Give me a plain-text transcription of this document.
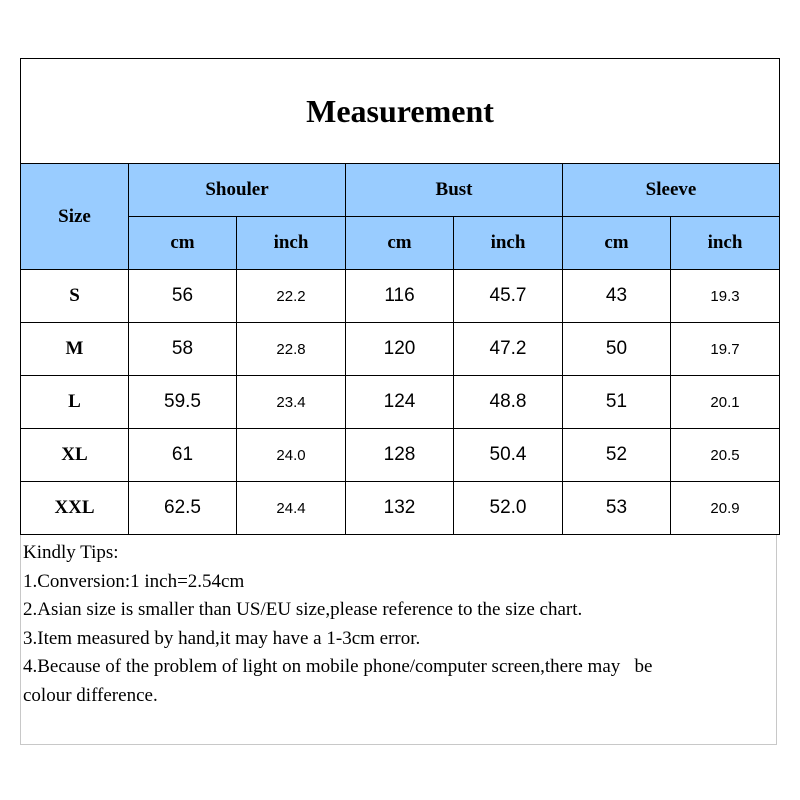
Measurement						
Size	Shouler		Bust		Sleeve	
	cm	inch	cm	inch	cm	inch
S	56	22.2	116	45.7	43	19.3
M	58	22.8	120	47.2	50	19.7
L	59.5	23.4	124	48.8	51	20.1
XL	61	24.0	128	50.4	52	20.5
XXL	62.5	24.4	132	52.0	53	20.9
Kindly Tips:
1.Conversion:1 inch=2.54cm
2.Asian size is smaller than US/EU size,please reference to the size chart.
3.Item measured by hand,it may have a 1-3cm error.
4.Because of the problem of light on mobile phone/computer screen,there may   be
colour difference.
